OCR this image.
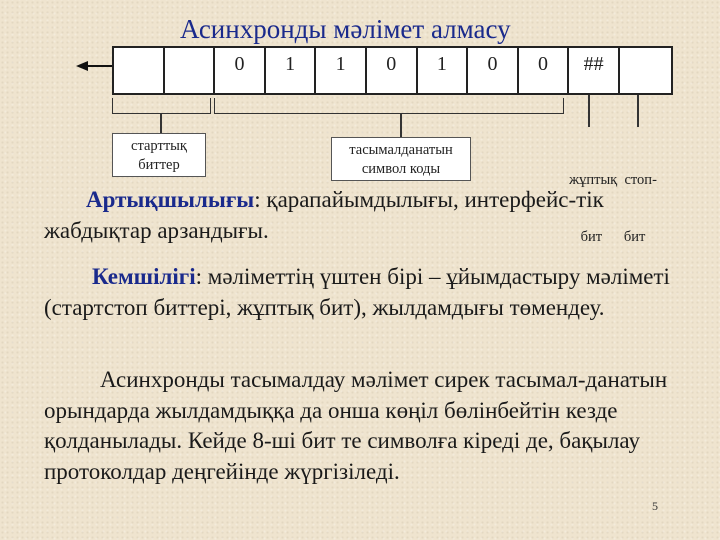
Асинхронды мәлімет алмасу
0	1	1	0	1	0	0	##
старттық
биттер
тасымалданатын
символ коды

жұптық  стоп-

бит      бит

Артықшылығы: қарапайымдылығы, интерфейс-тік жабдықтар арзандығы.
Кемшілігі: мәліметтің үштен бірі – ұйымдастыру мәліметі (стартстоп биттері, жұптық бит), жылдамдығы төмендеу.
Асинхронды тасымалдау мәлімет сирек тасымал-данатын орындарда жылдамдыққа да онша көңіл бөлінбейтін кезде қолданылады. Кейде 8-ші бит те символға кіреді де, бақылау протоколдар деңгейінде жүргізіледі.
5
